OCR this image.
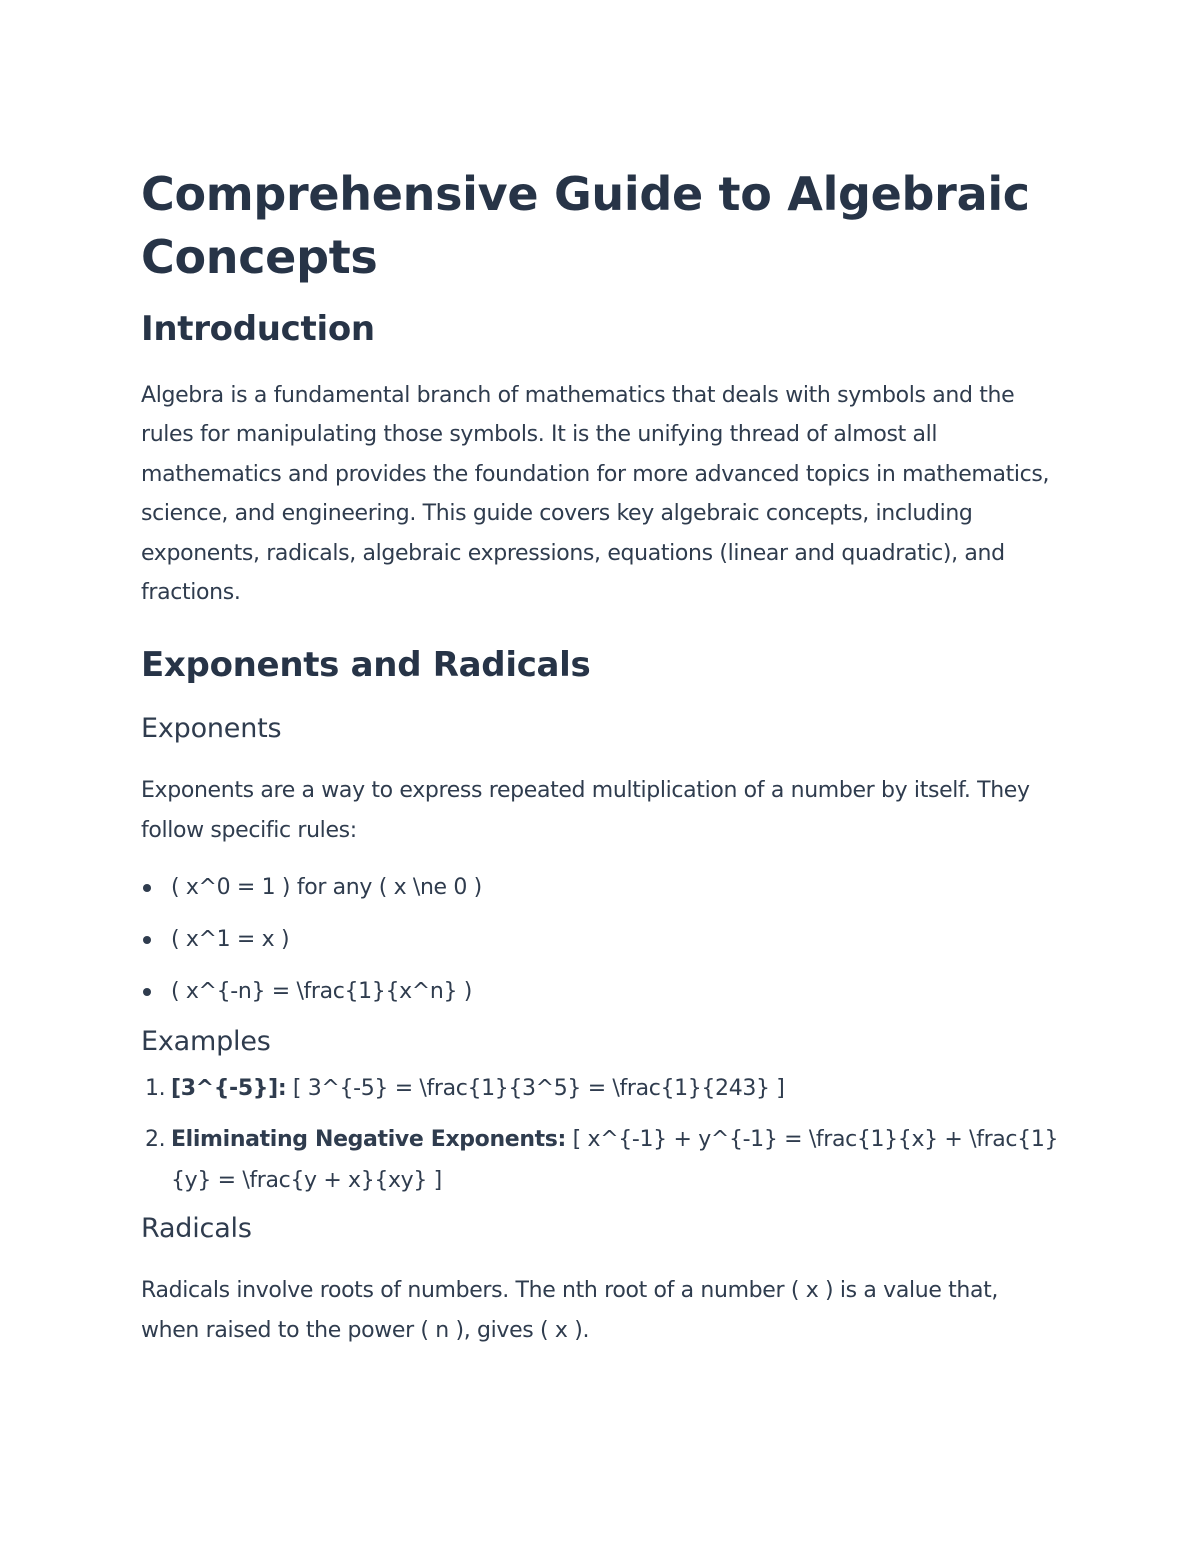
Comprehensive Guide to Algebraic Concepts
Introduction

Algebra is a fundamental branch of mathematics that deals with symbols and the rules for manipulating those symbols. It is the unifying thread of almost all mathematics and provides the foundation for more advanced topics in mathematics, science, and engineering. This guide covers key algebraic concepts, including exponents, radicals, algebraic expressions, equations (linear and quadratic), and fractions.

Exponents and Radicals
Exponents

Exponents are a way to express repeated multiplication of a number by itself. They follow specific rules:

( x^0 = 1 ) for any ( x \ne 0 )
( x^1 = x )
( x^{-n} = \frac{1}{x^n} )
Examples
1. [3^{-5}]: [ 3^{-5} = \frac{1}{3^5} = \frac{1}{243} ]
2. Eliminating Negative Exponents: [ x^{-1} + y^{-1} = \frac{1}{x} + \frac{1}{y} = \frac{y + x}{xy} ]
Radicals

Radicals involve roots of numbers. The nth root of a number ( x ) is a value that, when raised to the power ( n ), gives ( x ).
